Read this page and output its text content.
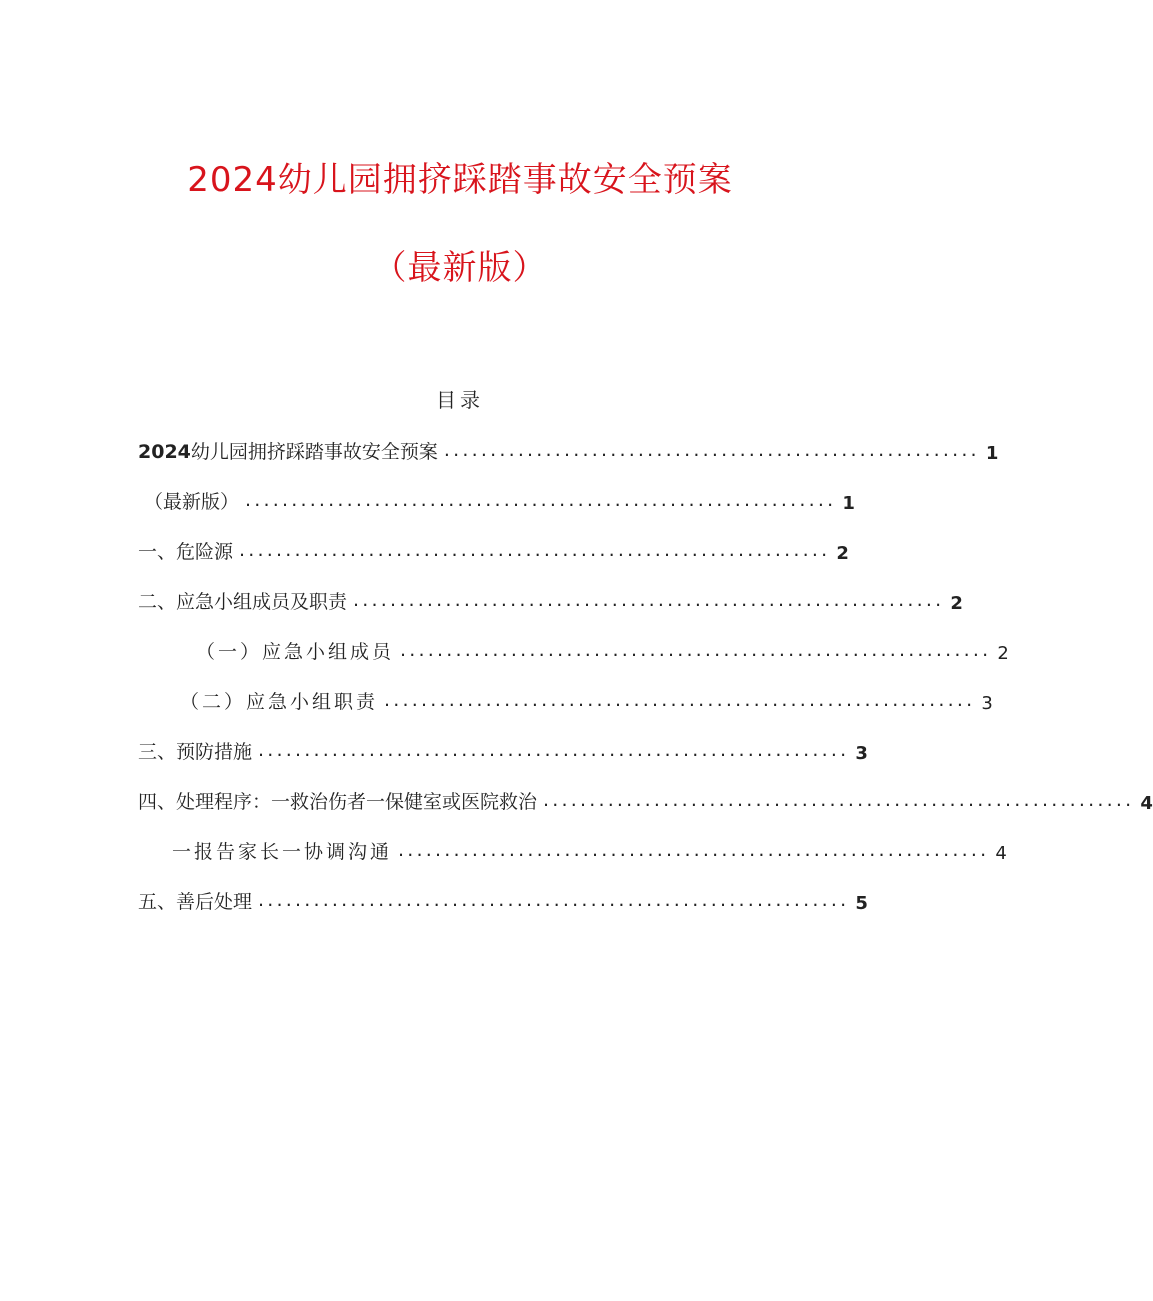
2024幼儿园拥挤踩踏事故安全预案
（最新版）
目录
2024幼儿园拥挤踩踏事故安全预案 .......................................................... 1
（最新版） ................................................................ 1
一、危险源 ................................................................ 2
二、应急小组成员及职责 ................................................................ 2
（一）应急小组成员 ................................................................ 2
（二）应急小组职责 ................................................................ 3
三、预防措施 ................................................................ 3
四、处理程序：一救治伤者一保健室或医院救治 ................................................................ 4
一报告家长一协调沟通 ................................................................ 4
五、善后处理 ................................................................ 5
